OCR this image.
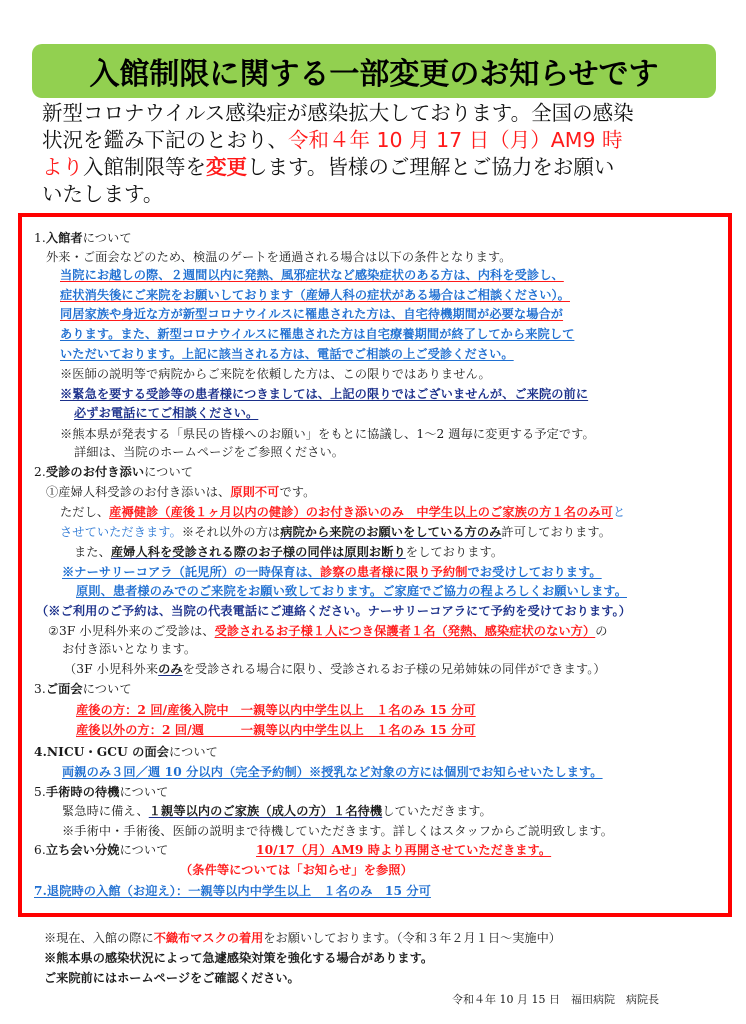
入館制限に関する一部変更のお知らせです
新型コロナウイルス感染症が感染拡大しております。全国の感染
状況を鑑み下記のとおり、令和４年 10 月 17 日（月）AM9 時
より入館制限等を変更します。皆様のご理解とご協力をお願い
いたします。
1.入館者について
外来・ご面会などのため、検温のゲートを通過される場合は以下の条件となります。
当院にお越しの際、２週間以内に発熱、風邪症状など感染症状のある方は、内科を受診し、
症状消失後にご来院をお願いしております（産婦人科の症状がある場合はご相談ください）。
同居家族や身近な方が新型コロナウイルスに罹患された方は、自宅待機期間が必要な場合が
あります。また、新型コロナウイルスに罹患された方は自宅療養期間が終了してから来院して
いただいております。上記に該当される方は、電話でご相談の上ご受診ください。
※医師の説明等で病院からご来院を依頼した方は、この限りではありません。
※緊急を要する受診等の患者様につきましては、上記の限りではございませんが、ご来院の前に
必ずお電話にてご相談ください。
※熊本県が発表する「県民の皆様へのお願い」をもとに協議し、1～2 週毎に変更する予定です。
詳細は、当院のホームページをご参照ください。
2.受診のお付き添いについて
①産婦人科受診のお付き添いは、原則不可です。
ただし、産褥健診（産後１ヶ月以内の健診）のお付き添いのみ　中学生以上のご家族の方１名のみ可と
させていただきます。※それ以外の方は病院から来院のお願いをしている方のみ許可しております。
また、産婦人科を受診される際のお子様の同伴は原則お断りをしております。
※ナーサリーコアラ（託児所）の一時保育は、診察の患者様に限り予約制でお受けしております。
原則、患者様のみでのご来院をお願い致しております。ご家庭でご協力の程よろしくお願いします。
（※ご利用のご予約は、当院の代表電話にご連絡ください。ナーサリーコアラにて予約を受けております。）
②3F 小児科外来のご受診は、受診されるお子様１人につき保護者１名（発熱、感染症状のない方）の
お付き添いとなります。
（3F 小児科外来のみを受診される場合に限り、受診されるお子様の兄弟姉妹の同伴ができます。）
3.ご面会について
産後の方：2 回/産後入院中　一親等以内中学生以上　１名のみ 15 分可
産後以外の方：2 回/週　　　一親等以内中学生以上　１名のみ 15 分可
4.NICU・GCU の面会について
両親のみ３回／週 10 分以内（完全予約制）※授乳など対象の方には個別でお知らせいたします。
5.手術時の待機について
緊急時に備え、１親等以内のご家族（成人の方）１名待機していただきます。
※手術中・手術後、医師の説明まで待機していただきます。詳しくはスタッフからご説明致します。
6.立ち会い分娩について	10/17（月）AM9 時より再開させていただきます。
（条件等については「お知らせ」を参照）
7.退院時の入館（お迎え）：一親等以内中学生以上　１名のみ　15 分可
※現在、入館の際に不織布マスクの着用をお願いしております。（令和３年２月１日～実施中）
※熊本県の感染状況によって急遽感染対策を強化する場合があります。
ご来院前にはホームページをご確認ください。
令和４年 10 月 15 日　福田病院　病院長
